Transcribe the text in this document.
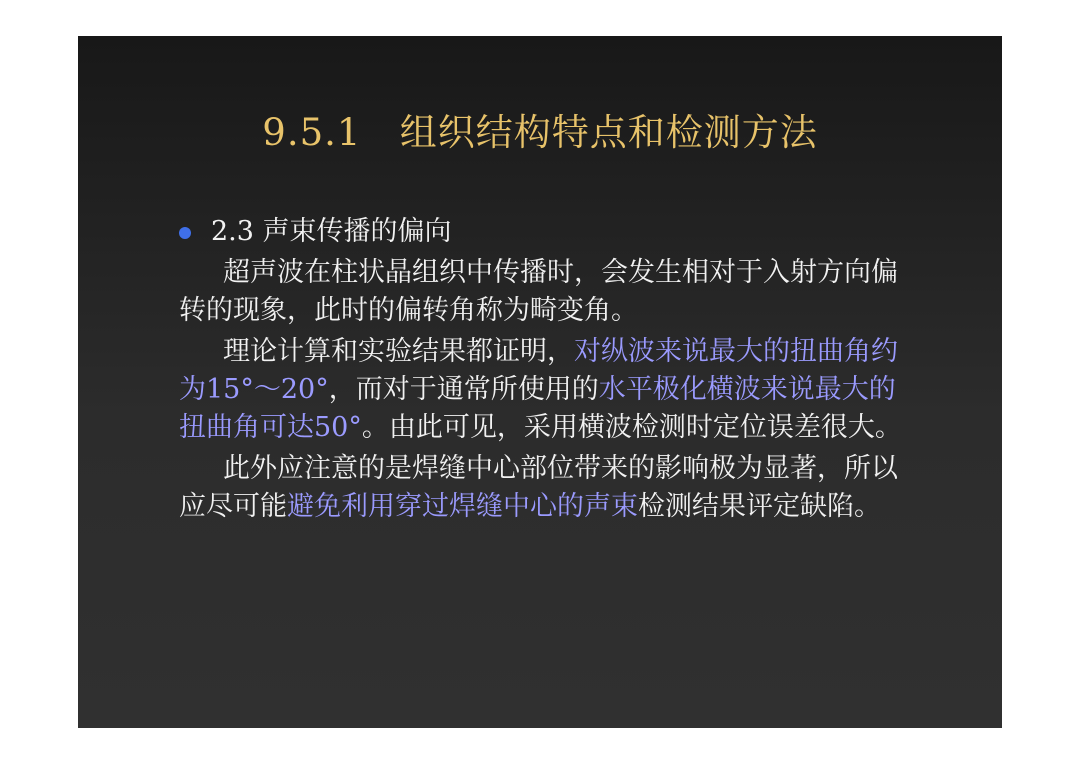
9.5.1   组织结构特点和检测方法
2.3 声束传播的偏向
超声波在柱状晶组织中传播时，会发生相对于入射方向偏转的现象，此时的偏转角称为畸变角。
理论计算和实验结果都证明，对纵波来说最大的扭曲角约为15°～20°，而对于通常所使用的水平极化横波来说最大的扭曲角可达50°。由此可见，采用横波检测时定位误差很大。
此外应注意的是焊缝中心部位带来的影响极为显著，所以应尽可能避免利用穿过焊缝中心的声束检测结果评定缺陷。
